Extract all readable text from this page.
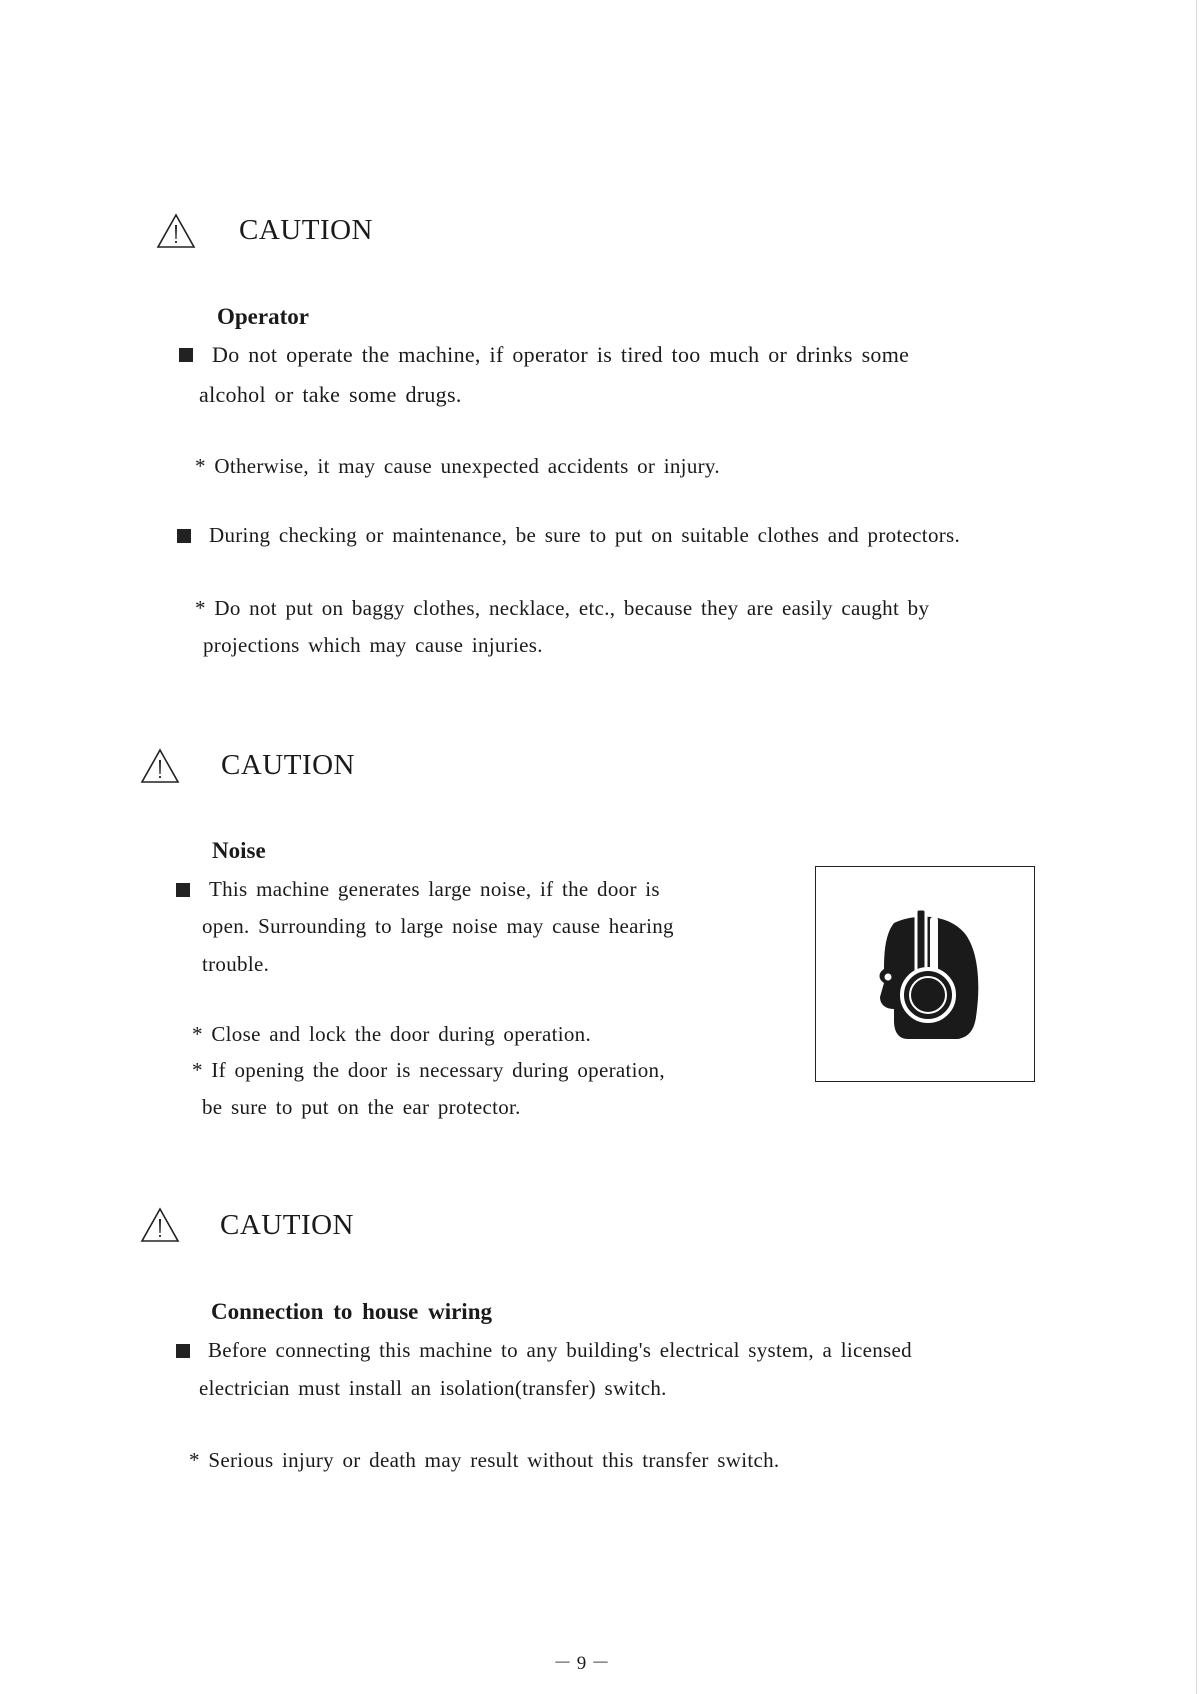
CAUTION
Operator
Do not operate the machine, if operator is tired too much or drinks some
alcohol or take some drugs.
* Otherwise, it may cause unexpected accidents or injury.
During checking or maintenance, be sure to put on suitable clothes and protectors.
* Do not put on baggy clothes, necklace, etc., because they are easily caught by
projections which may cause injuries.
CAUTION
Noise
This machine generates large noise, if the door is
open. Surrounding to large noise may cause hearing
trouble.
* Close and lock the door during operation.
* If opening the door is necessary during operation,
be sure to put on the ear protector.
CAUTION
Connection to house wiring
Before connecting this machine to any building's electrical system, a licensed
electrician must install an isolation(transfer) switch.
* Serious injury or death may result without this transfer switch.
－ 9 －
